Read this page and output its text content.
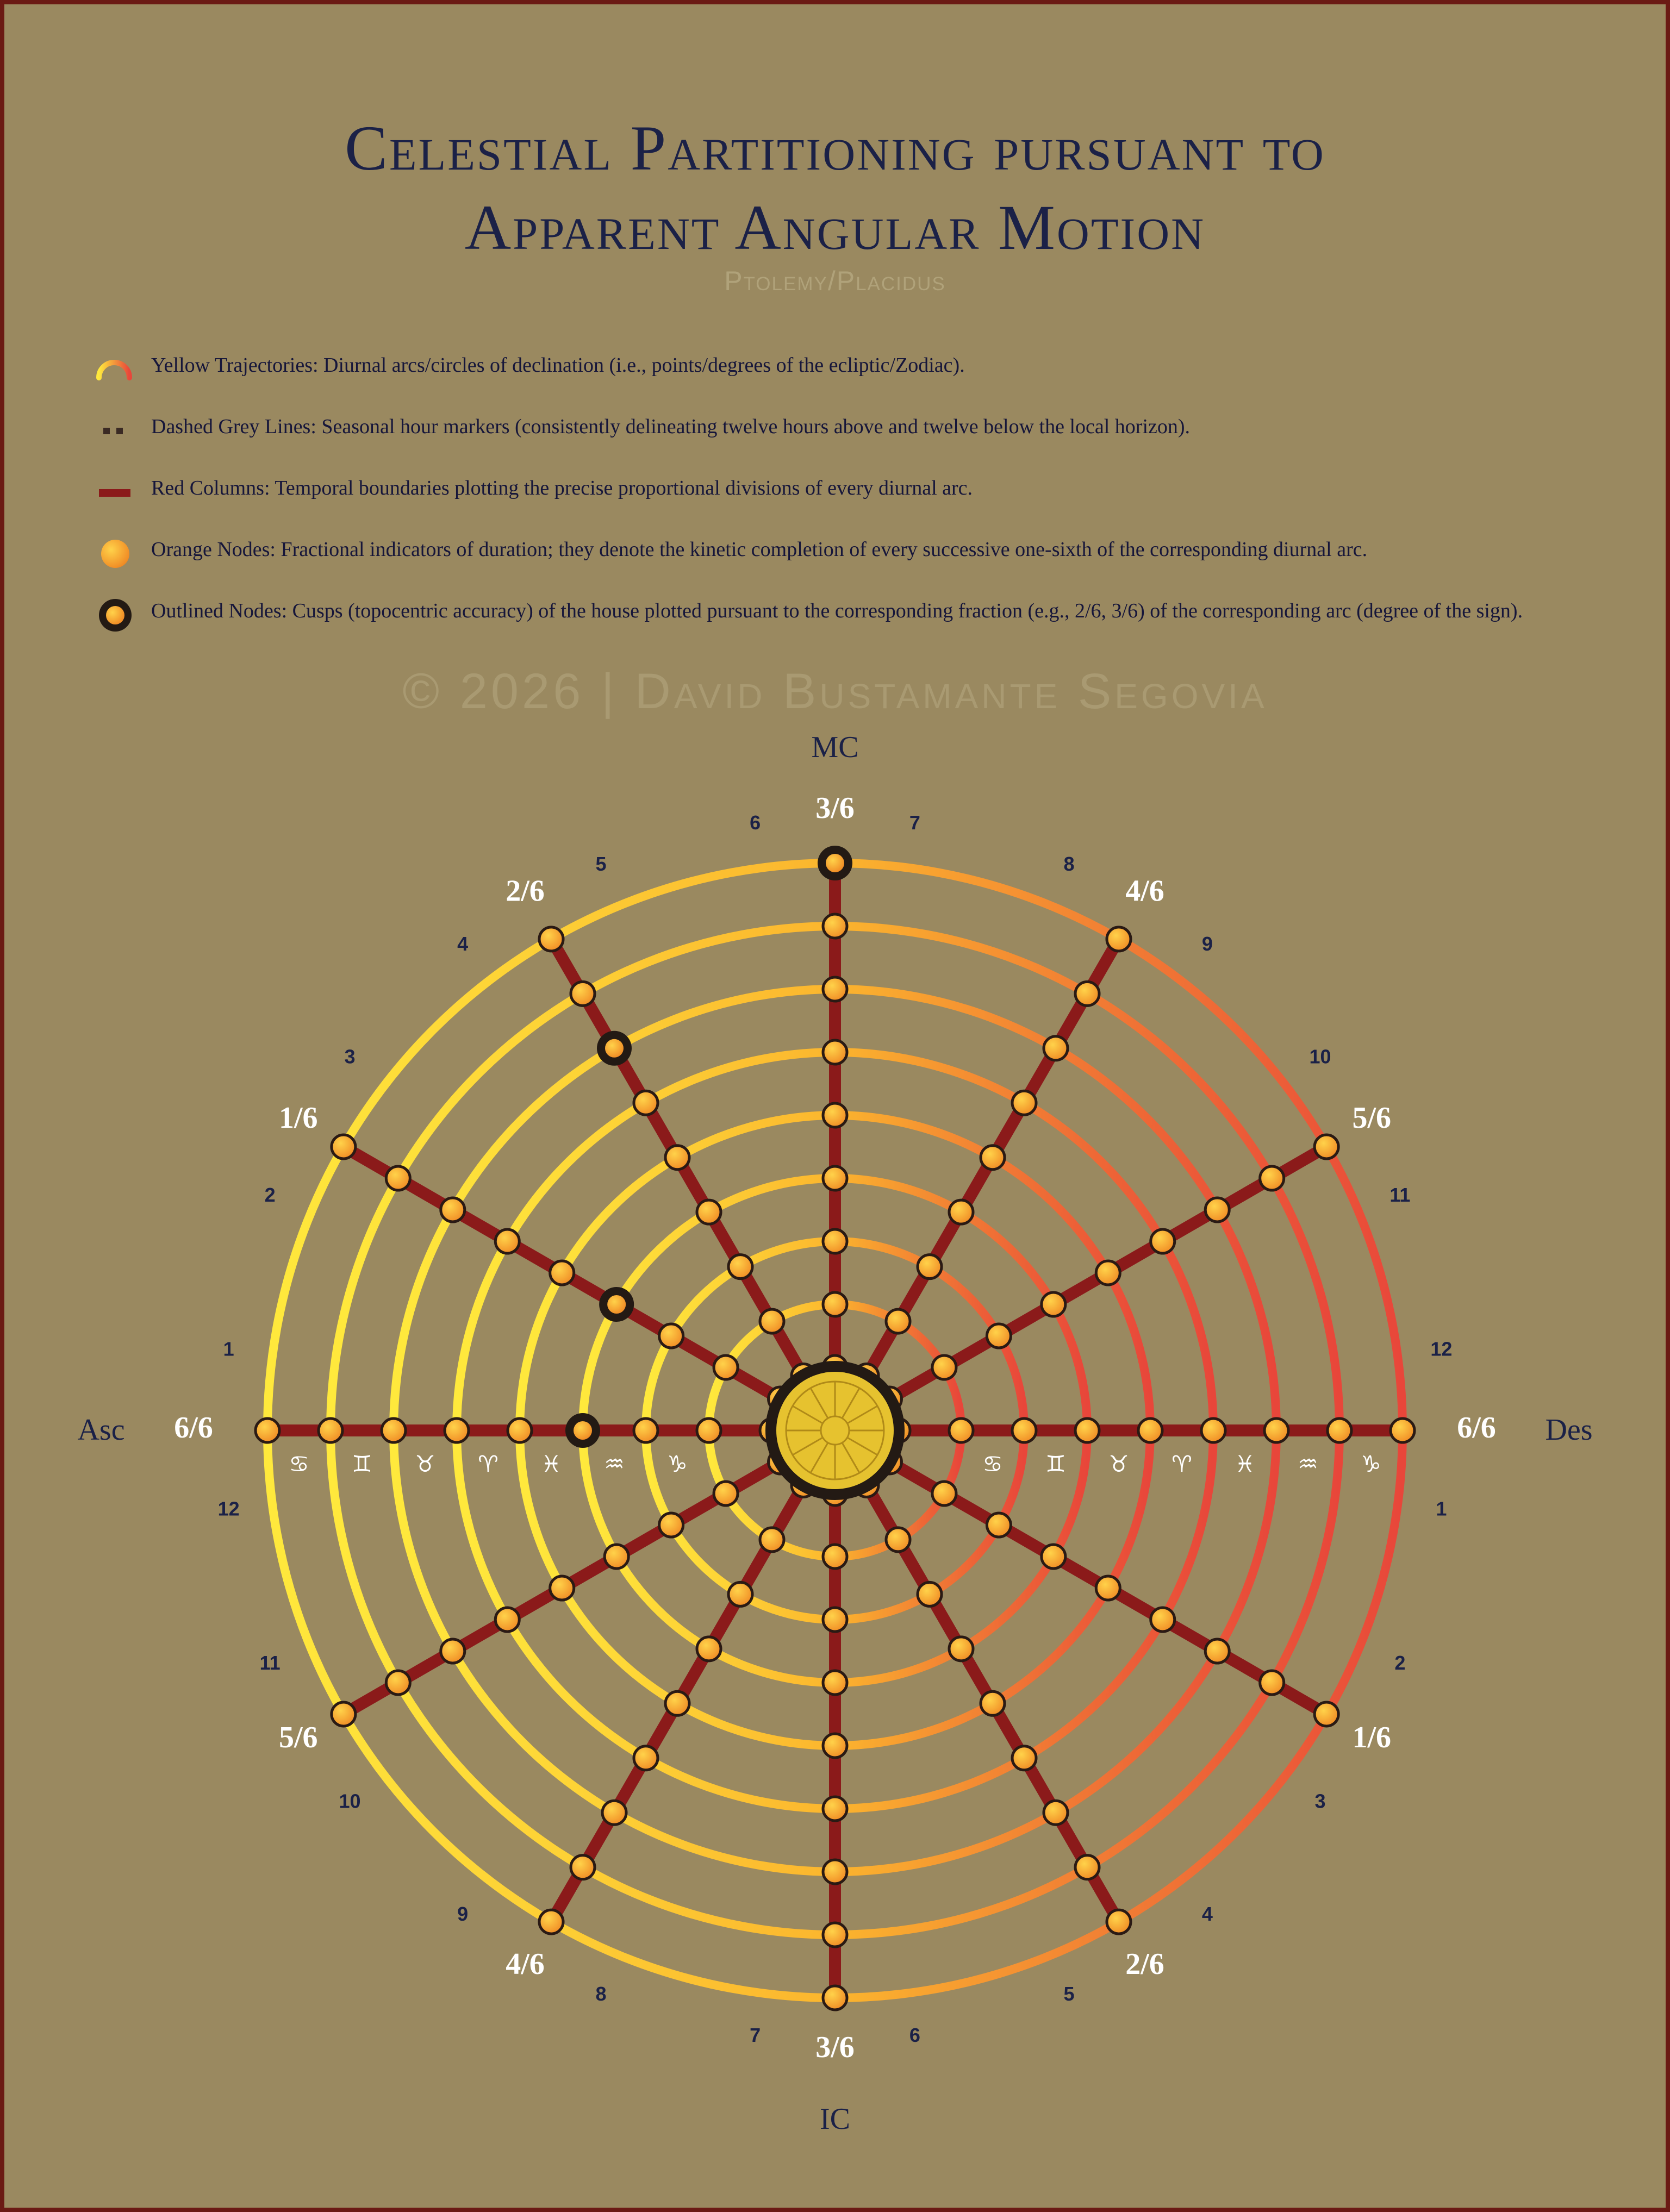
Celestial Partitioning pursuant to
Apparent Angular Motion
Ptolemy/Placidus
Yellow Trajectories: Diurnal arcs/circles of declination (i.e., points/degrees of the ecliptic/Zodiac).
Dashed Grey Lines: Seasonal hour markers (consistently delineating twelve hours above and twelve below the local horizon).
Red Columns: Temporal boundaries plotting the precise proportional divisions of every diurnal arc.
Orange Nodes: Fractional indicators of duration; they denote the kinetic completion of every successive one-sixth of the corresponding diurnal arc.
Outlined Nodes: Cusps (topocentric accuracy) of the house plotted pursuant to the corresponding fraction (e.g., 2/6, 3/6) of the corresponding arc (degree of the sign).
© 2026 | David Bustamante Segovia
♋	♑
♊	♒
♉	♓
♈	♈
♓	♉
♒	♊
♑	♋
MC
IC
Asc	Des
1/6
2/6
3/6
4/6
5/6
6/6
6/6
5/6
4/6
3/6
2/6
1/6
1
2
3
4
5
6	7
8
9
10
11
12
12
11
10
9
8
7	6
5
4
3
2
1
